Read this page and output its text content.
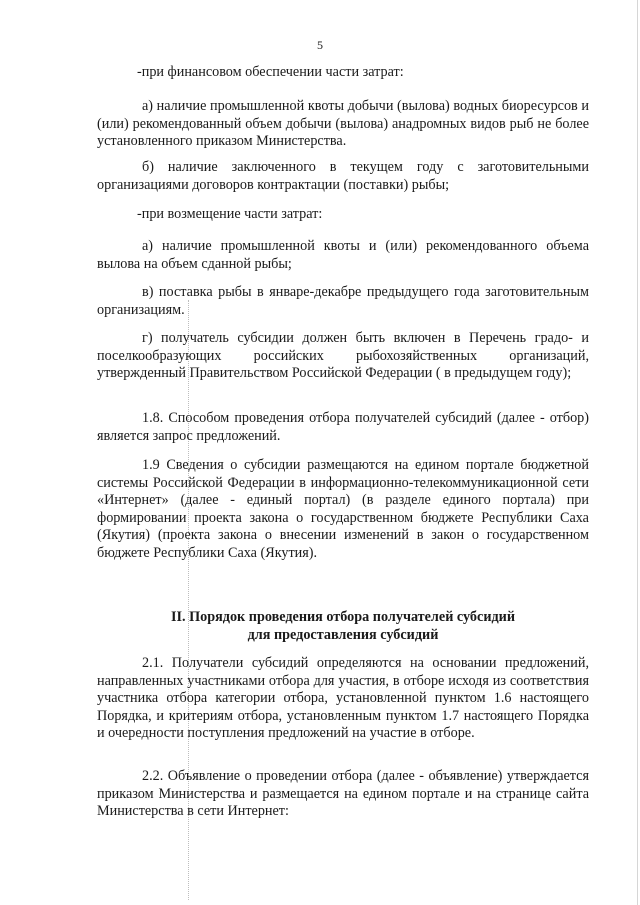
5

-при финансовом обеспечении части затрат:

а) наличие промышленной квоты добычи (вылова) водных биоресурсов и (или) рекомендованный объем добычи (вылова) анадромных видов рыб не более установленного приказом Министерства.

б) наличие заключенного в текущем году с заготовительными организациями договоров контрактации (поставки) рыбы;

-при возмещение части затрат:

а) наличие промышленной квоты и (или) рекомендованного объема вылова на объем сданной рыбы;

в) поставка рыбы в январе-декабре предыдущего года заготовительным организациям.

г) получатель субсидии должен быть включен в Перечень градо- и поселкообразующих российских рыбохозяйственных организаций, утвержденный Правительством Российской Федерации ( в предыдущем году);

1.8. Способом проведения отбора получателей субсидий (далее - отбор) является запрос предложений.

1.9 Сведения о субсидии размещаются на едином портале бюджетной системы Российской Федерации в информационно-телекоммуникационной сети «Интернет» (далее - единый портал) (в разделе единого портала) при формировании проекта закона о государственном бюджете Республики Саха (Якутия) (проекта закона о внесении изменений в закон о государственном бюджете Республики Саха (Якутия).

II. Порядок проведения отбора получателей субсидий
для предоставления субсидий

2.1. Получатели субсидий определяются на основании предложений, направленных участниками отбора для участия, в отборе исходя из соответствия участника отбора категории отбора, установленной пунктом 1.6 настоящего Порядка, и критериям отбора, установленным пунктом 1.7 настоящего Порядка и очередности поступления предложений на участие в отборе.

2.2. Объявление о проведении отбора (далее - объявление) утверждается приказом Министерства и размещается на едином портале и на странице сайта Министерства в сети Интернет:
